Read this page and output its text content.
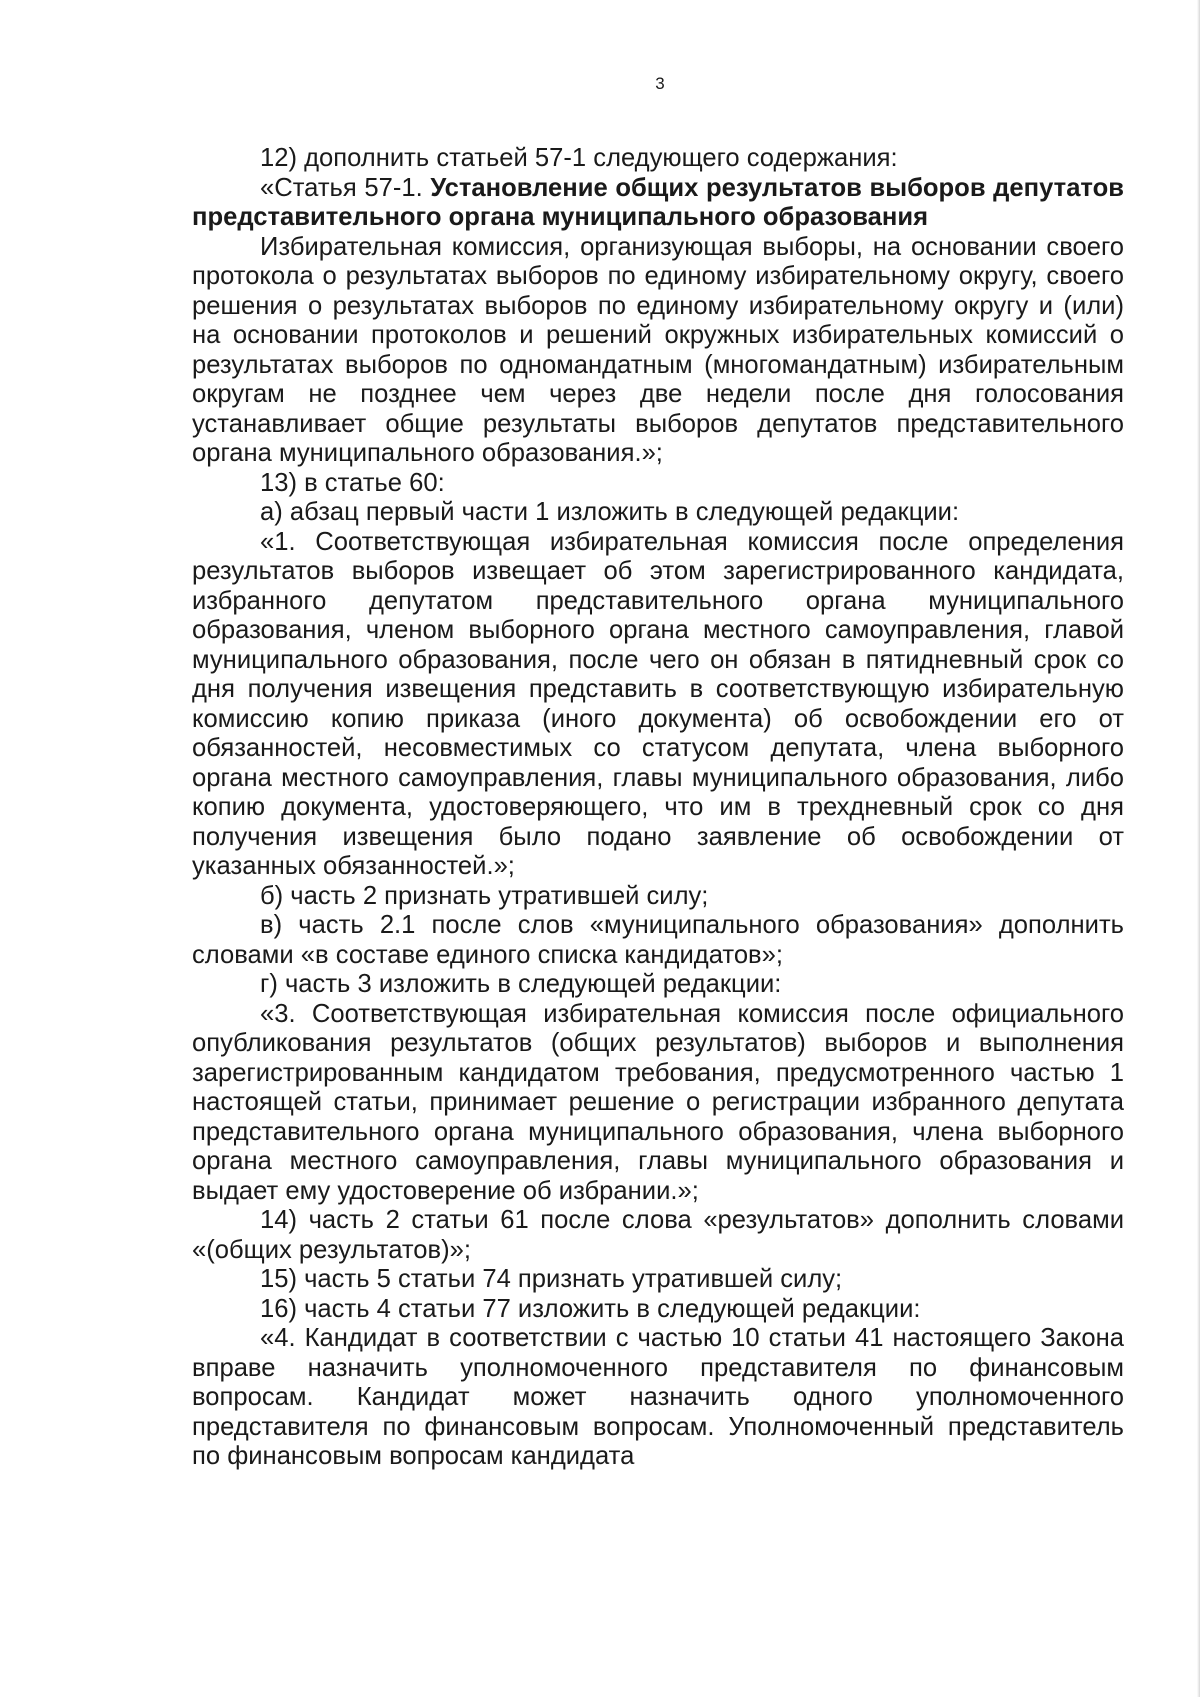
3

12) дополнить статьей 57-1 следующего содержания:

«Статья 57-1. Установление общих результатов выборов депутатов представительного органа муниципального образования

Избирательная комиссия, организующая выборы, на основании своего протокола о результатах выборов по единому избирательному округу, своего решения о результатах выборов по единому избирательному округу и (или) на основании протоколов и решений окружных избирательных комиссий о результатах выборов по одномандатным (многомандатным) избирательным округам не позднее чем через две недели после дня голосования устанавливает общие результаты выборов депутатов представительного органа муниципального образования.»;

13) в статье 60:

а) абзац первый части 1 изложить в следующей редакции:

«1. Соответствующая избирательная комиссия после определения результатов выборов извещает об этом зарегистрированного кандидата, избранного депутатом представительного органа муниципального образования, членом выборного органа местного самоуправления, главой муниципального образования, после чего он обязан в пятидневный срок со дня получения извещения представить в соответствующую избирательную комиссию копию приказа (иного документа) об освобождении его от обязанностей, несовместимых со статусом депутата, члена выборного органа местного самоуправления, главы муниципального образования, либо копию документа, удостоверяющего, что им в трехдневный срок со дня получения извещения было подано заявление об освобождении от указанных обязанностей.»;

б) часть 2 признать утратившей силу;

в) часть 2.1 после слов «муниципального образования» дополнить словами «в составе единого списка кандидатов»;

г) часть 3 изложить в следующей редакции:

«3. Соответствующая избирательная комиссия после официального опубликования результатов (общих результатов) выборов и выполнения зарегистрированным кандидатом требования, предусмотренного частью 1 настоящей статьи, принимает решение о регистрации избранного депутата представительного органа муниципального образования, члена выборного органа местного самоуправления, главы муниципального образования и выдает ему удостоверение об избрании.»;

14) часть 2 статьи 61 после слова «результатов» дополнить словами «(общих результатов)»;

15) часть 5 статьи 74 признать утратившей силу;

16) часть 4 статьи 77 изложить в следующей редакции:

«4. Кандидат в соответствии с частью 10 статьи 41 настоящего Закона вправе назначить уполномоченного представителя по финансовым вопросам. Кандидат может назначить одного уполномоченного представителя по финансовым вопросам. Уполномоченный представитель по финансовым вопросам кандидата
